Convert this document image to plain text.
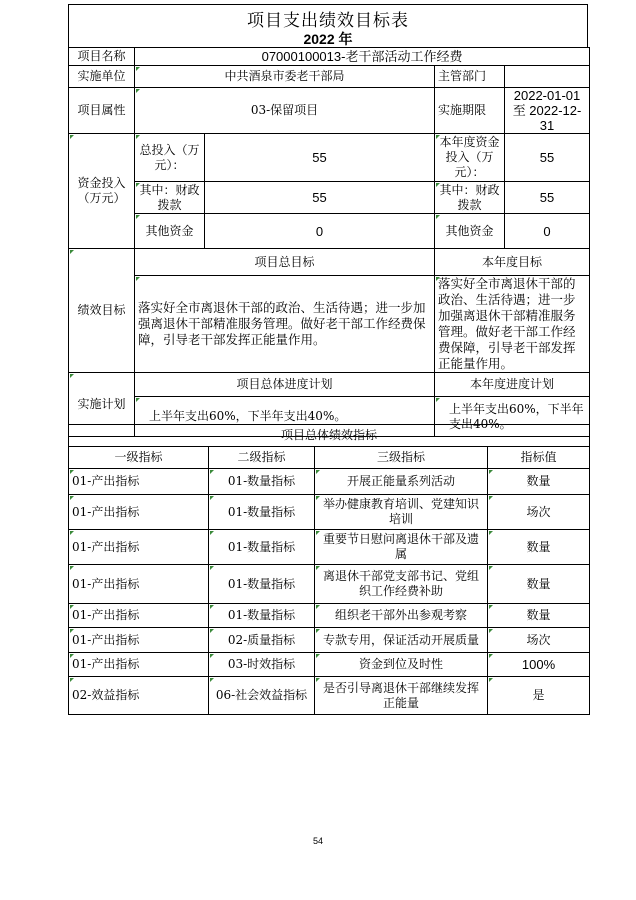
项目支出绩效目标表
2022 年
项目名称	07000100013-老干部活动工作经费			
实施单位	中共酒泉市委老干部局		主管部门	
项目属性	03-保留项目		实施期限	2022-01-01 至 2022-12-31
资金投入（万元）	总投入（万元）：	55	本年度资金投入（万元）：	55
	其中：财政拨款	55	其中：财政拨款	55
	其他资金	0	其他资金	0
绩效目标	项目总目标		本年度目标	
	落实好全市离退休干部的政治、生活待遇；进一步加强离退休干部精准服务管理。做好老干部工作经费保障，引导老干部发挥正能量作用。		落实好全市离退休干部的政治、生活待遇；进一步加强离退休干部精准服务管理。做好老干部工作经费保障，引导老干部发挥正能量作用。	
实施计划	项目总体进度计划		本年度进度计划	
	上半年支出60%，下半年支出40%。		上半年支出60%，下半年支出40%。	
项目总体绩效指标			
一级指标	二级指标	三级指标	指标值
01-产出指标	01-数量指标	开展正能量系列活动	数量
01-产出指标	01-数量指标	举办健康教育培训、党建知识培训	场次
01-产出指标	01-数量指标	重要节日慰问离退休干部及遗属	数量
01-产出指标	01-数量指标	离退休干部党支部书记、党组织工作经费补助	数量
01-产出指标	01-数量指标	组织老干部外出参观考察	数量
01-产出指标	02-质量指标	专款专用，保证活动开展质量	场次
01-产出指标	03-时效指标	资金到位及时性	100%
02-效益指标	06-社会效益指标	是否引导离退休干部继续发挥正能量	是
54
